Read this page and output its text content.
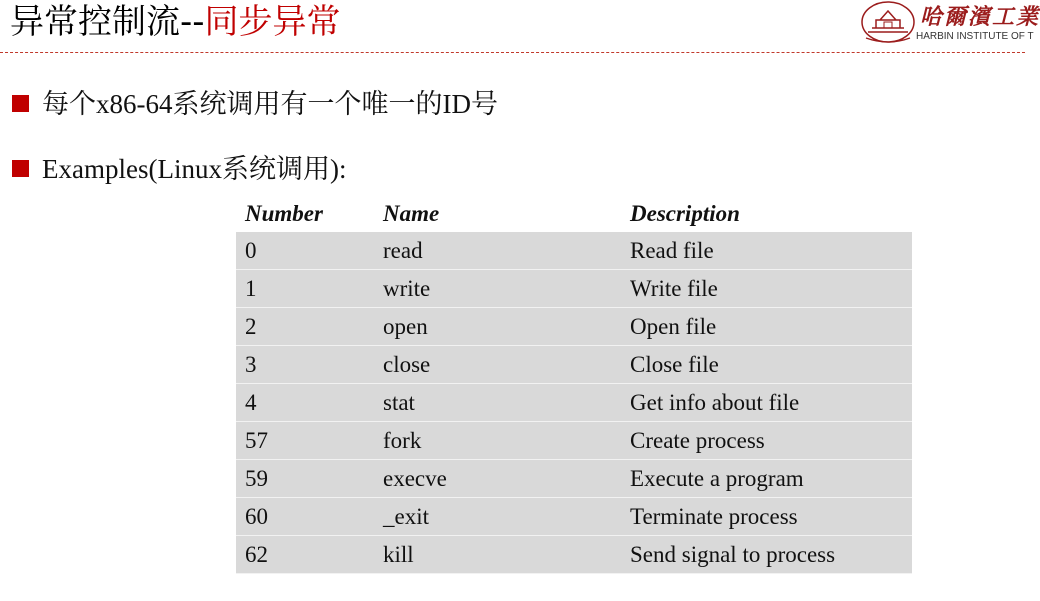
异常控制流--同步异常	哈爾濱工業
HARBIN INSTITUTE OF T
每个x86-64系统调用有一个唯一的ID号
Examples(Linux系统调用):
Number	Name	Description
0	read	Read file
1	write	Write file
2	open	Open file
3	close	Close file
4	stat	Get info about file
57	fork	Create process
59	execve	Execute a program
60	_exit	Terminate process
62	kill	Send signal to process
